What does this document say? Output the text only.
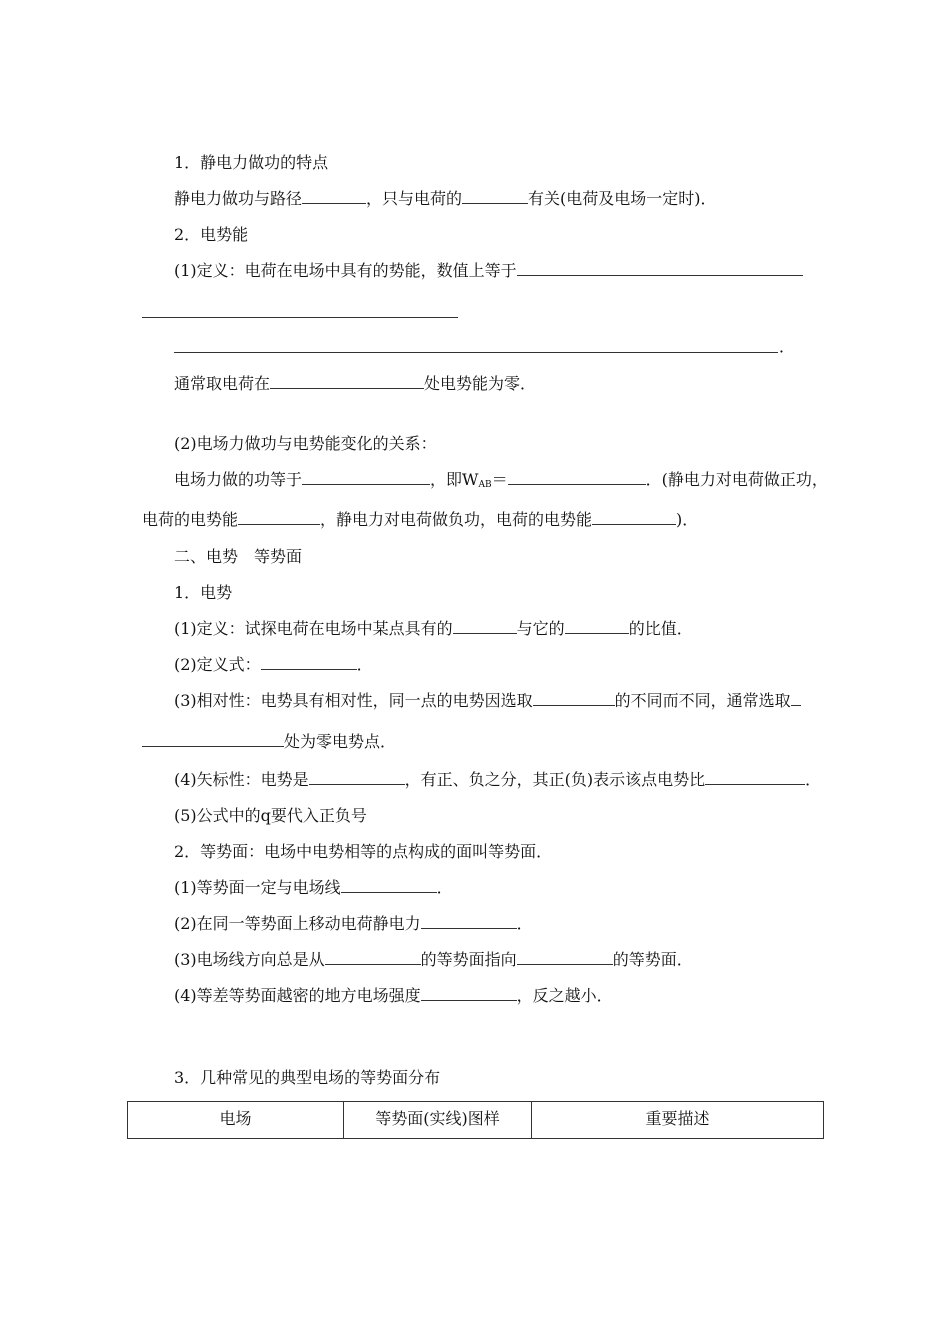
1．静电力做功的特点
静电力做功与路径	，只与电荷的	有关(电荷及电场一定时)．
2．电势能
(1)定义：电荷在电场中具有的势能，数值上等于
．
通常取电荷在	处电势能为零．
(2)电场力做功与电势能变化的关系：
电场力做的功等于	，即$W_{AB}=$	．(静电力对电荷做正功，
电荷的电势能	，静电力对电荷做负功，电荷的电势能	)．
二、电势　等势面
1．电势
(1)定义：试探电荷在电场中某点具有的	与它的	的比值．
(2)定义式：	．
(3)相对性：电势具有相对性，同一点的电势因选取	的不同而不同，通常选取
处为零电势点．
(4)矢标性：电势是	，有正、负之分，其正(负)表示该点电势比	．
(5)公式中的q要代入正负号
2．等势面：电场中电势相等的点构成的面叫等势面．
(1)等势面一定与电场线	．
(2)在同一等势面上移动电荷静电力	．
(3)电场线方向总是从	的等势面指向	的等势面．
(4)等差等势面越密的地方电场强度	，反之越小．
3．几种常见的典型电场的等势面分布
电场	等势面(实线)图样	重要描述
